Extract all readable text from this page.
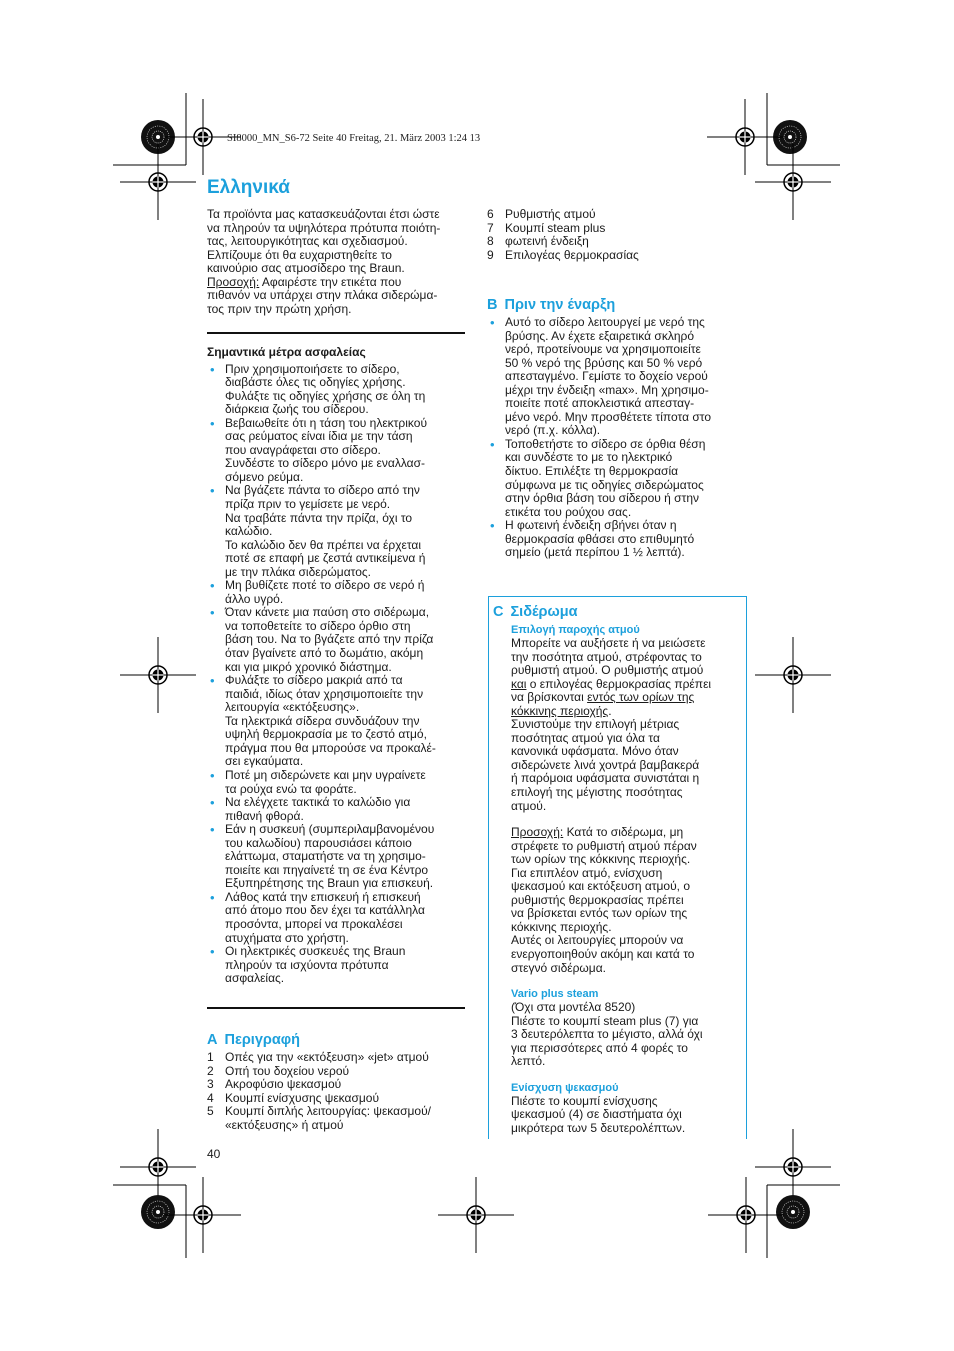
SI8000_MN_S6-72 Seite 40 Freitag, 21. März 2003 1:24 13
Ελληνικά

Τα προϊόντα μας κατασκευάζονται έτσι ώστε

να πληρούν τα υψηλότερα πρότυπα ποιότη-

τας, λειτουργικότητας και σχεδιασμού.

Ελπίζουμε ότι θα ευχαριστηθείτε το

καινούριο σας ατμοσίδερο της Braun.

Προσοχή: Αφαιρέστε την ετικέτα που

πιθανόν να υπάρχει στην πλάκα σιδερώμα-

τος πριν την πρώτη χρήση.

Σημαντικά μέτρα ασφαλείας

• Πριν χρησιμοποιήσετε το σίδερο,

διαβάστε όλες τις οδηγίες χρήσης.

Φυλάξτε τις οδηγίες χρήσης σε όλη τη

διάρκεια ζωής του σίδερου.

• Βεβαιωθείτε ότι η τάση του ηλεκτρικού

σας ρεύματος είναι ίδια με την τάση

που αναγράφεται στο σίδερο.

Συνδέστε το σίδερο μόνο με εναλλασ-

σόμενο ρεύμα.

• Να βγάζετε πάντα το σίδερο από την

πρίζα πριν το γεμίσετε με νερό.

Να τραβάτε πάντα την πρίζα, όχι το

καλώδιο.

Το καλώδιο δεν θα πρέπει να έρχεται

ποτέ σε επαφή με ζεστά αντικείμενα ή

με την πλάκα σιδερώματος.

• Μη βυθίζετε ποτέ το σίδερο σε νερό ή

άλλο υγρό.

• Όταν κάνετε μια παύση στο σιδέρωμα,

να τοποθετείτε το σίδερο όρθιο στη

βάση του. Να το βγάζετε από την πρίζα

όταν βγαίνετε από το δωμάτιο, ακόμη

και για μικρό χρονικό διάστημα.

• Φυλάξτε το σίδερο μακριά από τα

παιδιά, ιδίως όταν χρησιμοποιείτε την

λειτουργία «εκτόξευσης».

Τα ηλεκτρικά σίδερα συνδυάζουν την

υψηλή θερμοκρασία με το ζεστό ατμό,

πράγμα που θα μπορούσε να προκαλέ-

σει εγκαύματα.

• Ποτέ μη σιδερώνετε και μην υγραίνετε

τα ρούχα ενώ τα φοράτε.

• Να ελέγχετε τακτικά το καλώδιο για

πιθανή φθορά.

• Εάν η συσκευή (συμπεριλαμβανομένου

του καλωδίου) παρουσιάσει κάποιο

ελάττωμα, σταματήστε να τη χρησιμο-

ποιείτε και πηγαίνετέ τη σε ένα Κέντρο

Εξυπηρέτησης της Braun για επισκευή.

• Λάθος κατά την επισκευή ή επισκευή

από άτομο που δεν έχει τα κατάλληλα

προσόντα, μπορεί να προκαλέσει

ατυχήματα στο χρήστη.

• Οι ηλεκτρικές συσκευές της Braun

πληρούν τα ισχύοντα πρότυπα

ασφαλείας.

A Περιγραφή

1 Οπές για την «εκτόξευση» «jet» ατμού

2 Οπή του δοχείου νερού

3 Ακροφύσιο ψεκασμού

4 Κουμπί ενίσχυσης ψεκασμού

5 Κουμπί διπλής λειτουργίας: ψεκασμού/

«εκτόξευσης» ή ατμού

40
6 Ρυθμιστής ατμού

7 Κουμπί steam plus

8 φωτεινή ένδειξη

9 Επιλογέας θερμοκρασίας

B Πριν την έναρξη

• Αυτό το σίδερο λειτουργεί με νερό της

βρύσης. Αν έχετε εξαιρετικά σκληρό

νερό, προτείνουμε να χρησιμοποιείτε

50 % νερό της βρύσης και 50 % νερό

απεσταγμένο. Γεμίστε το δοχείο νερού

μέχρι την ένδειξη «max». Μη χρησιμο-

ποιείτε ποτέ αποκλειστικά απεσταγ-

μένο νερό. Μην προσθέτετε τίποτα στο

νερό (π.χ. κόλλα).

• Τοποθετήστε το σίδερο σε όρθια θέση

και συνδέστε το με το ηλεκτρικό

δίκτυο. Επιλέξτε τη θερμοκρασία

σύμφωνα με τις οδηγίες σιδερώματος

στην όρθια βάση του σίδερου ή στην

ετικέτα του ρούχου σας.

• Η φωτεινή ένδειξη σβήνει όταν η

θερμοκρασία φθάσει στο επιθυμητό

σημείο (μετά περίπου 1 ½ λεπτά).

C Σιδέρωμα

Επιλογή παροχής ατμού

Μπορείτε να αυξήσετε ή να μειώσετε

την ποσότητα ατμού, στρέφοντας το

ρυθμιστή ατμού. Ο ρυθμιστής ατμού

και ο επιλογέας θερμοκρασίας πρέπει

να βρίσκονται εντός των ορίων της

κόκκινης περιοχής.

Συνιστούμε την επιλογή μέτριας

ποσότητας ατμού για όλα τα

κανονικά υφάσματα. Μόνο όταν

σιδερώνετε λινά χοντρά βαμβακερά

ή παρόμοια υφάσματα συνιστάται η

επιλογή της μέγιστης ποσότητας

ατμού.

Προσοχή: Κατά το σιδέρωμα, μη

στρέφετε το ρυθμιστή ατμού πέραν

των ορίων της κόκκινης περιοχής.

Για επιπλέον ατμό, ενίσχυση

ψεκασμού και εκτόξευση ατμού, ο

ρυθμιστής θερμοκρασίας πρέπει

να βρίσκεται εντός των ορίων της

κόκκινης περιοχής.

Αυτές οι λειτουργίες μπορούν να

ενεργοποιηθούν ακόμη και κατά το

στεγνό σιδέρωμα.

Vario plus steam

(Όχι στα μοντέλα 8520)

Πιέστε το κουμπί steam plus (7) για

3 δευτερόλεπτα το μέγιστο, αλλά όχι

για περισσότερες από 4 φορές το

λεπτό.

Ενίσχυση ψεκασμού

Πιέστε το κουμπί ενίσχυσης

ψεκασμού (4) σε διαστήματα όχι

μικρότερα των 5 δευτερολέπτων.
